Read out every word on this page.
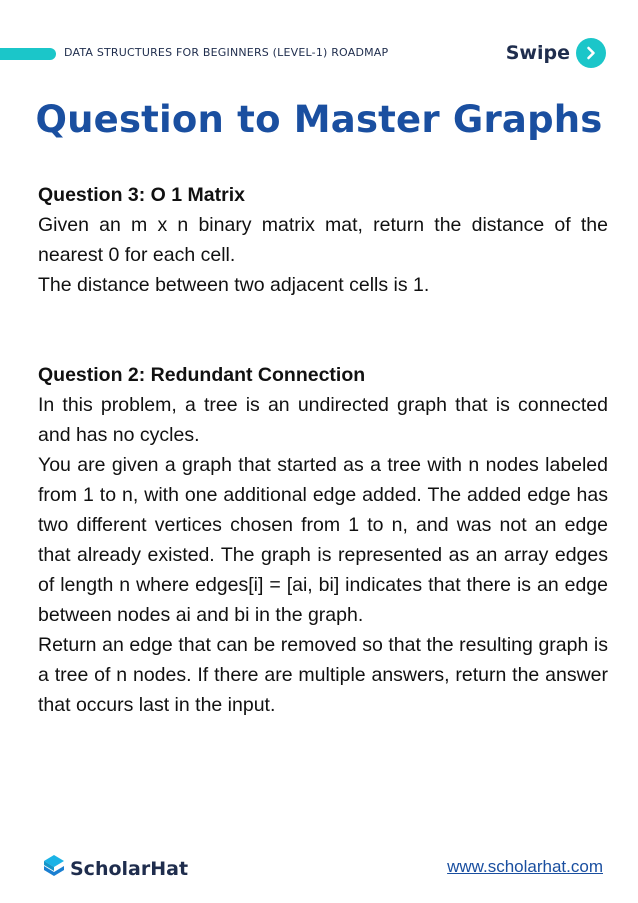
DATA STRUCTURES FOR BEGINNERS (LEVEL-1) ROADMAP	Swipe
Question to Master Graphs

Question 3: O 1 Matrix

Given an m x n binary matrix mat, return the distance of the nearest 0 for each cell.

The distance between two adjacent cells is 1.

Question 2: Redundant Connection

In this problem, a tree is an undirected graph that is connected and has no cycles.

You are given a graph that started as a tree with n nodes labeled from 1 to n, with one additional edge added. The added edge has two different vertices chosen from 1 to n, and was not an edge that already existed. The graph is represented as an array edges of length n where edges[i] = [ai, bi] indicates that there is an edge between nodes ai and bi in the graph.

Return an edge that can be removed so that the resulting graph is a tree of n nodes. If there are multiple answers, return the answer that occurs last in the input.

ScholarHat	www.scholarhat.com
